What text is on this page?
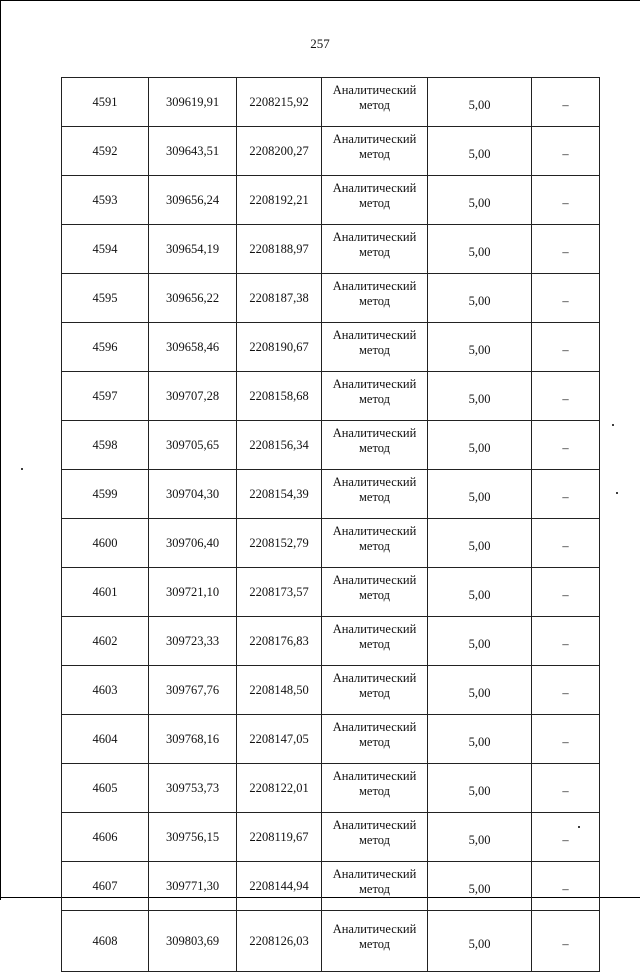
257
4591	309619,91	2208215,92	Аналитический
метод	5,00	–
4592	309643,51	2208200,27	Аналитический
метод	5,00	–
4593	309656,24	2208192,21	Аналитический
метод	5,00	–
4594	309654,19	2208188,97	Аналитический
метод	5,00	–
4595	309656,22	2208187,38	Аналитический
метод	5,00	–
4596	309658,46	2208190,67	Аналитический
метод	5,00	–
4597	309707,28	2208158,68	Аналитический
метод	5,00	–
4598	309705,65	2208156,34	Аналитический
метод	5,00	–
4599	309704,30	2208154,39	Аналитический
метод	5,00	–
4600	309706,40	2208152,79	Аналитический
метод	5,00	–
4601	309721,10	2208173,57	Аналитический
метод	5,00	–
4602	309723,33	2208176,83	Аналитический
метод	5,00	–
4603	309767,76	2208148,50	Аналитический
метод	5,00	–
4604	309768,16	2208147,05	Аналитический
метод	5,00	–
4605	309753,73	2208122,01	Аналитический
метод	5,00	–
4606	309756,15	2208119,67	Аналитический
метод	5,00	–
4607	309771,30	2208144,94	Аналитический
метод	5,00	–
4608	309803,69	2208126,03	Аналитический
метод	5,00	–
